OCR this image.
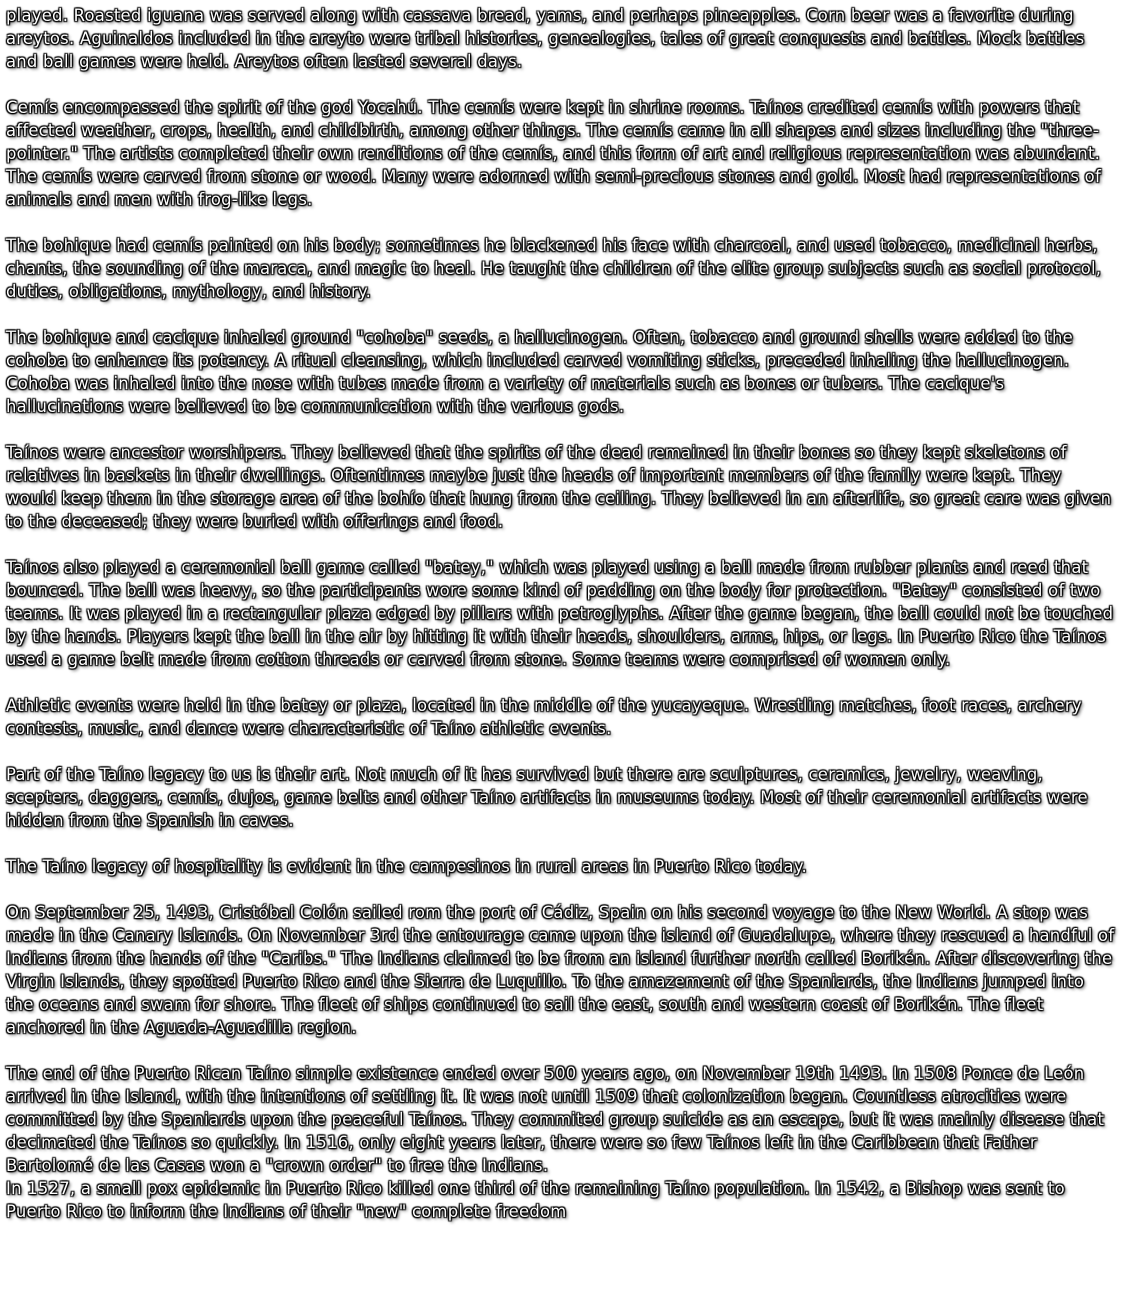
played. Roasted iguana was served along with cassava bread, yams, and perhaps pineapples. Corn beer was a favorite during areytos. Aguinaldos included in the areyto were tribal histories, genealogies, tales of great conquests and battles. Mock battles and ball games were held. Areytos often lasted several days.

Cemís encompassed the spirit of the god Yocahú. The cemís were kept in shrine rooms. Taínos credited cemís with powers that affected weather, crops, health, and childbirth, among other things. The cemís came in all shapes and sizes including the "three-pointer." The artists completed their own renditions of the cemís, and this form of art and religious representation was abundant. The cemís were carved from stone or wood. Many were adorned with semi-precious stones and gold. Most had representations of animals and men with frog-like legs.

The bohique had cemís painted on his body; sometimes he blackened his face with charcoal, and used tobacco, medicinal herbs, chants, the sounding of the maraca, and magic to heal. He taught the children of the elite group subjects such as social protocol, duties, obligations, mythology, and history.

The bohique and cacique inhaled ground "cohoba" seeds, a hallucinogen. Often, tobacco and ground shells were added to the cohoba to enhance its potency. A ritual cleansing, which included carved vomiting sticks, preceded inhaling the hallucinogen. Cohoba was inhaled into the nose with tubes made from a variety of materials such as bones or tubers. The cacique's hallucinations were believed to be communication with the various gods.

Taínos were ancestor worshipers. They believed that the spirits of the dead remained in their bones so they kept skeletons of relatives in baskets in their dwellings. Oftentimes maybe just the heads of important members of the family were kept. They would keep them in the storage area of the bohío that hung from the ceiling. They believed in an afterlife, so great care was given to the deceased; they were buried with offerings and food.

Taínos also played a ceremonial ball game called "batey," which was played using a ball made from rubber plants and reed that bounced. The ball was heavy, so the participants wore some kind of padding on the body for protection. "Batey" consisted of two teams. It was played in a rectangular plaza edged by pillars with petroglyphs. After the game began, the ball could not be touched by the hands. Players kept the ball in the air by hitting it with their heads, shoulders, arms, hips, or legs. In Puerto Rico the Taínos used a game belt made from cotton threads or carved from stone. Some teams were comprised of women only.

Athletic events were held in the batey or plaza, located in the middle of the yucayeque. Wrestling matches, foot races, archery contests, music, and dance were characteristic of Taíno athletic events.

Part of the Taíno legacy to us is their art. Not much of it has survived but there are sculptures, ceramics, jewelry, weaving, scepters, daggers, cemís, dujos, game belts and other Taíno artifacts in museums today. Most of their ceremonial artifacts were hidden from the Spanish in caves.

The Taíno legacy of hospitality is evident in the campesinos in rural areas in Puerto Rico today.

On September 25, 1493, Cristóbal Colón sailed rom the port of Cádiz, Spain on his second voyage to the New World. A stop was made in the Canary Islands. On November 3rd the entourage came upon the island of Guadalupe, where they rescued a handful of Indians from the hands of the "Caribs." The Indians claimed to be from an island further north called Borikén. After discovering the Virgin Islands, they spotted Puerto Rico and the Sierra de Luquillo. To the amazement of the Spaniards, the Indians jumped into the oceans and swam for shore. The fleet of ships continued to sail the east, south and western coast of Borikén. The fleet anchored in the Aguada-Aguadilla region.

The end of the Puerto Rican Taíno simple existence ended over 500 years ago, on November 19th 1493. In 1508 Ponce de León arrived in the Island, with the intentions of settling it. It was not until 1509 that colonization began. Countless atrocities were committed by the Spaniards upon the peaceful Taínos. They commited group suicide as an escape, but it was mainly disease that decimated the Taínos so quickly. In 1516, only eight years later, there were so few Taínos left in the Caribbean that Father Bartolomé de las Casas won a "crown order" to free the Indians.

In 1527, a small pox epidemic in Puerto Rico killed one third of the remaining Taíno population. In 1542, a Bishop was sent to Puerto Rico to inform the Indians of their "new" complete freedom
